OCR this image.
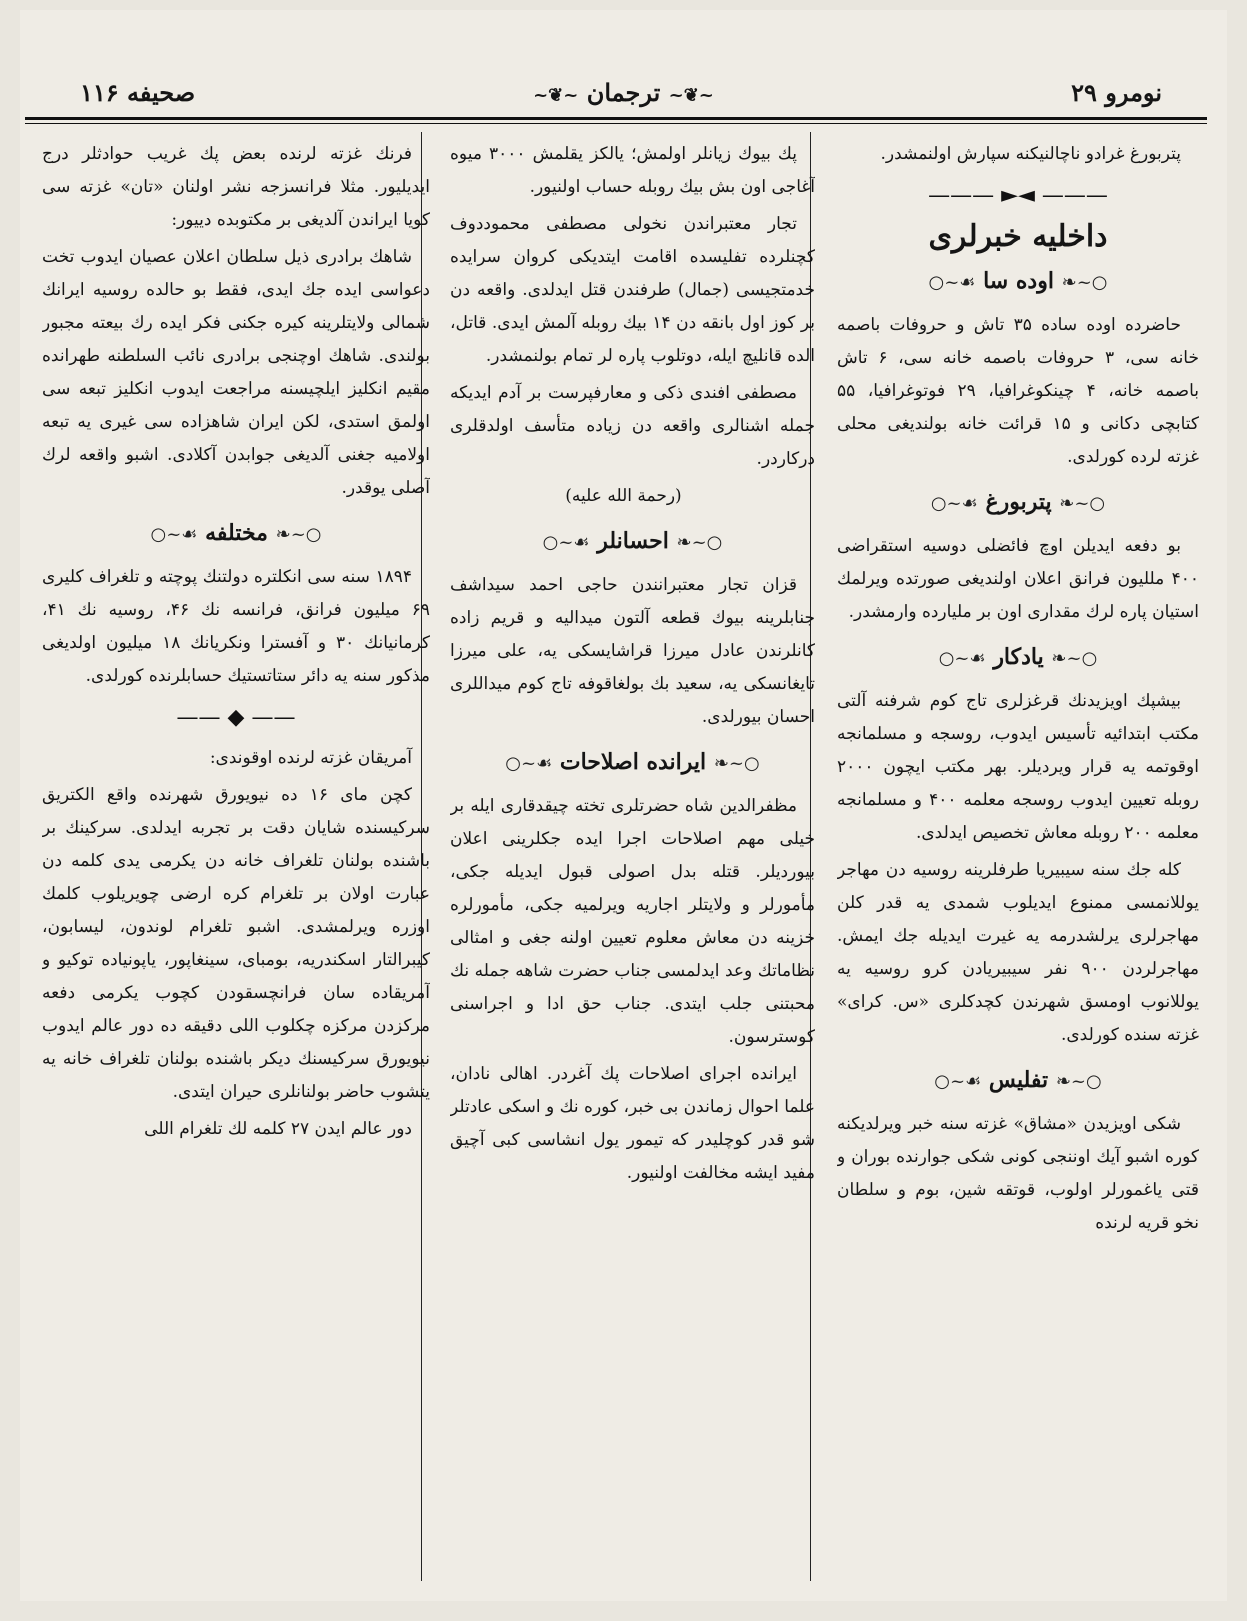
نومرو ۲۹
~❦~ ترجمان ~❦~
صحیفه ۱۱۶

پتربورغ غرادو ناچالنیکنه سپارش اولنمشدر.

——— ◄► ———
داخلیه خبرلری
○~❧ اوده سا ☙~○

حاضرده اوده ساده ۳۵ تاش و حروفات باصمه خانه سی، ۳ حروفات باصمه خانه سی، ۶ تاش باصمه خانه، ۴ چینکوغرافیا، ۲۹ فوتوغرافیا، ۵۵ کتابچی دکانی و ۱۵ قرائت خانه بولندیغی محلی غزته لرده کورلدی.

○~❧ پتربورغ ☙~○

بو دفعه ایدیلن اوچ فائضلی دوسیه استقراضی ۴۰۰ مللیون فرانق اعلان اولندیغی صورتده ویرلمك استیان پاره لرك مقداری اون بر ملیارده وارمشدر.

○~❧ یادکار ☙~○

بیشپك اویزیدنك قرغزلری تاج کوم شرفنه آلتی مکتب ابتدائیه تأسیس ایدوب، روسجه و مسلمانجه اوقوتمه یه قرار ویردیلر. بهر مکتب ایچون ۲۰۰۰ روبله تعیین ایدوب روسجه معلمه ۴۰۰ و مسلمانجه معلمه ۲۰۰ روبله معاش تخصیص ایدلدی.

کله جك سنه سیبیریا طرفلرینه روسیه دن مهاجر یوللانمسی ممنوع ایدیلوب شمدی یه قدر کلن مهاجرلری یرلشدرمه یه غیرت ایدیله جك ایمش. مهاجرلردن ۹۰۰ نفر سیبیریادن کرو روسیه یه یوللانوب اومسق شهرندن کچدکلری «س. کرای» غزته سنده کورلدی.

○~❧ تفلیس ☙~○

شکی اویزیدن «مشاق» غزته سنه خبر ویرلدیکنه کوره اشبو آیك اوننجی کونی شکی جوارنده بوران و قتی یاغمورلر اولوب، قوتقه شین، بوم و سلطان نخو قریه لرنده

پك بیوك زیانلر اولمش؛ یالکز یقلمش ۳۰۰۰ میوه آغاجی اون بش بیك روبله حساب اولنیور.

تجار معتبراندن نخولی مصطفی محموددوف کچنلرده تفلیسده اقامت ایتدیکی کروان سرایده خدمتجیسی (جمال) طرفندن قتل ایدلدی. واقعه دن بر کوز اول بانقه دن ۱۴ بیك روبله آلمش ایدی. قاتل، الده قانلیچ ایله، دوتلوب پاره لر تمام بولنمشدر.

مصطفی افندی ذکی و معارفپرست بر آدم ایدیکه جمله اشنالری واقعه دن زیاده متأسف اولدقلری درکاردر.

(رحمة الله علیه)

○~❧ احسانلر ☙~○

قزان تجار معتبرانندن حاجی احمد سیداشف جنابلرینه بیوك قطعه آلتون میدالیه و قریم زاده کانلرندن عادل میرزا قراشایسکی یه، علی میرزا تایغانسکی یه، سعید بك بولغاقوفه تاج کوم میداللری احسان بیورلدی.

○~❧ ایرانده اصلاحات ☙~○

مظفرالدین شاه حضرتلری تخته چیقدقاری ایله بر خیلی مهم اصلاحات اجرا ایده جکلرینی اعلان بیوردیلر. قتله بدل اصولی قبول ایدیله جکی، مأمورلر و ولایتلر اجاریه ویرلمیه جکی، مأمورلره خزینه دن معاش معلوم تعیین اولنه جغی و امثالی نظاماتك وعد ایدلمسی جناب حضرت شاهه جمله نك محبتنی جلب ایتدی. جناب حق ادا و اجراسنی کوسترسون.

ایرانده اجرای اصلاحات پك آغردر. اهالی نادان، علما احوال زماندن بی خبر، کوره نك و اسکی عادتلر شو قدر کوچلیدر که تیمور یول انشاسی کبی آچیق مفید ایشه مخالفت اولنیور.

فرنك غزته لرنده بعض پك غریب حوادثلر درج ایدیلیور. مثلا فرانسزجه نشر اولنان «تان» غزته سی کویا ایراندن آلدیغی بر مکتوبده دییور:

شاهك برادری ذیل سلطان اعلان عصیان ایدوب تخت دعواسی ایده جك ایدی، فقط بو حالده روسیه ایرانك شمالی ولایتلرینه کیره جکنی فکر ایده رك بیعته مجبور بولندی. شاهك اوچنجی برادری نائب السلطنه طهرانده مقیم انکلیز ایلچیسنه مراجعت ایدوب انکلیز تبعه سی اولمق استدی، لکن ایران شاهزاده سی غیری یه تبعه اولامیه جغنی آلدیغی جوابدن آکلادی. اشبو واقعه لرك آصلی یوقدر.

○~❧ مختلفه ☙~○

۱۸۹۴ سنه سی انکلتره دولتنك پوچته و تلغراف کلیری ۶۹ میلیون فرانق، فرانسه نك ۴۶، روسیه نك ۴۱، کرمانیانك ۳۰ و آفسترا ونکریانك ۱۸ میلیون اولدیغی مذکور سنه یه دائر ستاتستیك حسابلرنده کورلدی.

—— ◆ ——

آمریقان غزته لرنده اوقوندی:

کچن مای ۱۶ ده نیویورق شهرنده واقع الکتریق سرکیسنده شایان دقت بر تجربه ایدلدی. سرکینك بر باشنده بولنان تلغراف خانه دن یکرمی یدی کلمه دن عبارت اولان بر تلغرام کره ارضی چویریلوب کلمك اوزره ویرلمشدی. اشبو تلغرام لوندون، لیسابون، کیبرالتار اسکندریه، بومبای، سینغاپور، یاپونیاده توکیو و آمریقاده سان فرانچسقودن کچوب یکرمی دفعه مرکزدن مرکزه چکلوب اللی دقیقه ده دور عالم ایدوب نیویورق سرکیسنك دیکر باشنده بولنان تلغراف خانه یه یتشوب حاضر بولنانلری حیران ایتدی.

دور عالم ایدن ۲۷ کلمه لك تلغرام اللی
